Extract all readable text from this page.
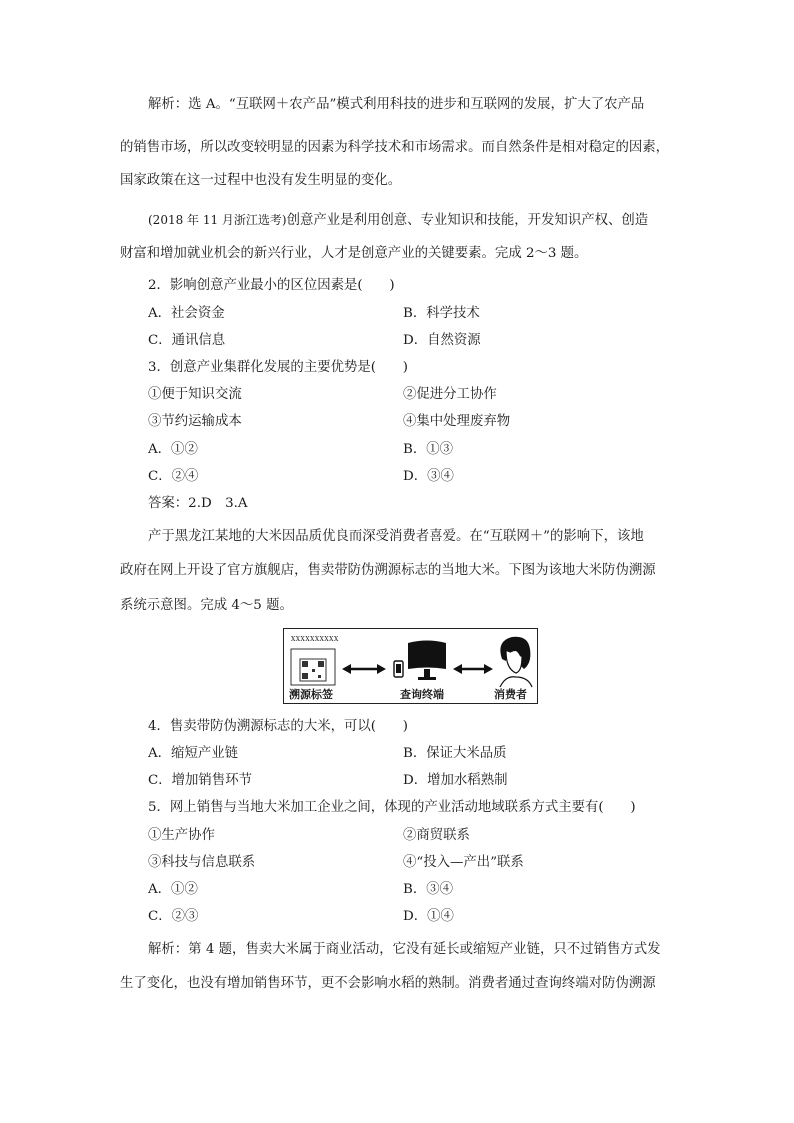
解析：选 A。“互联网＋农产品”模式利用科技的进步和互联网的发展，扩大了农产品
的销售市场，所以改变较明显的因素为科学技术和市场需求。而自然条件是相对稳定的因素，
国家政策在这一过程中也没有发生明显的变化。
(2018 年 11 月浙江选考)创意产业是利用创意、专业知识和技能，开发知识产权、创造
财富和增加就业机会的新兴行业，人才是创意产业的关键要素。完成 2～3 题。
2．影响创意产业最小的区位因素是(　　)
A．社会资金	B．科学技术
C．通讯信息	D．自然资源
3．创意产业集群化发展的主要优势是(　　)
①便于知识交流	②促进分工协作
③节约运输成本	④集中处理废弃物
A．①②	B．①③
C．②④	D．③④
答案：2.D　3.A
产于黑龙江某地的大米因品质优良而深受消费者喜爱。在“互联网＋”的影响下，该地
政府在网上开设了官方旗舰店，售卖带防伪溯源标志的当地大米。下图为该地大米防伪溯源
系统示意图。完成 4～5 题。
XXXXXXXXXX
溯源标签	查询终端	消费者
4．售卖带防伪溯源标志的大米，可以(　　)
A．缩短产业链	B．保证大米品质
C．增加销售环节	D．增加水稻熟制
5．网上销售与当地大米加工企业之间，体现的产业活动地域联系方式主要有(　　)
①生产协作	②商贸联系
③科技与信息联系	④“投入—产出”联系
A．①②	B．③④
C．②③	D．①④
解析：第 4 题，售卖大米属于商业活动，它没有延长或缩短产业链，只不过销售方式发
生了变化，也没有增加销售环节，更不会影响水稻的熟制。消费者通过查询终端对防伪溯源
